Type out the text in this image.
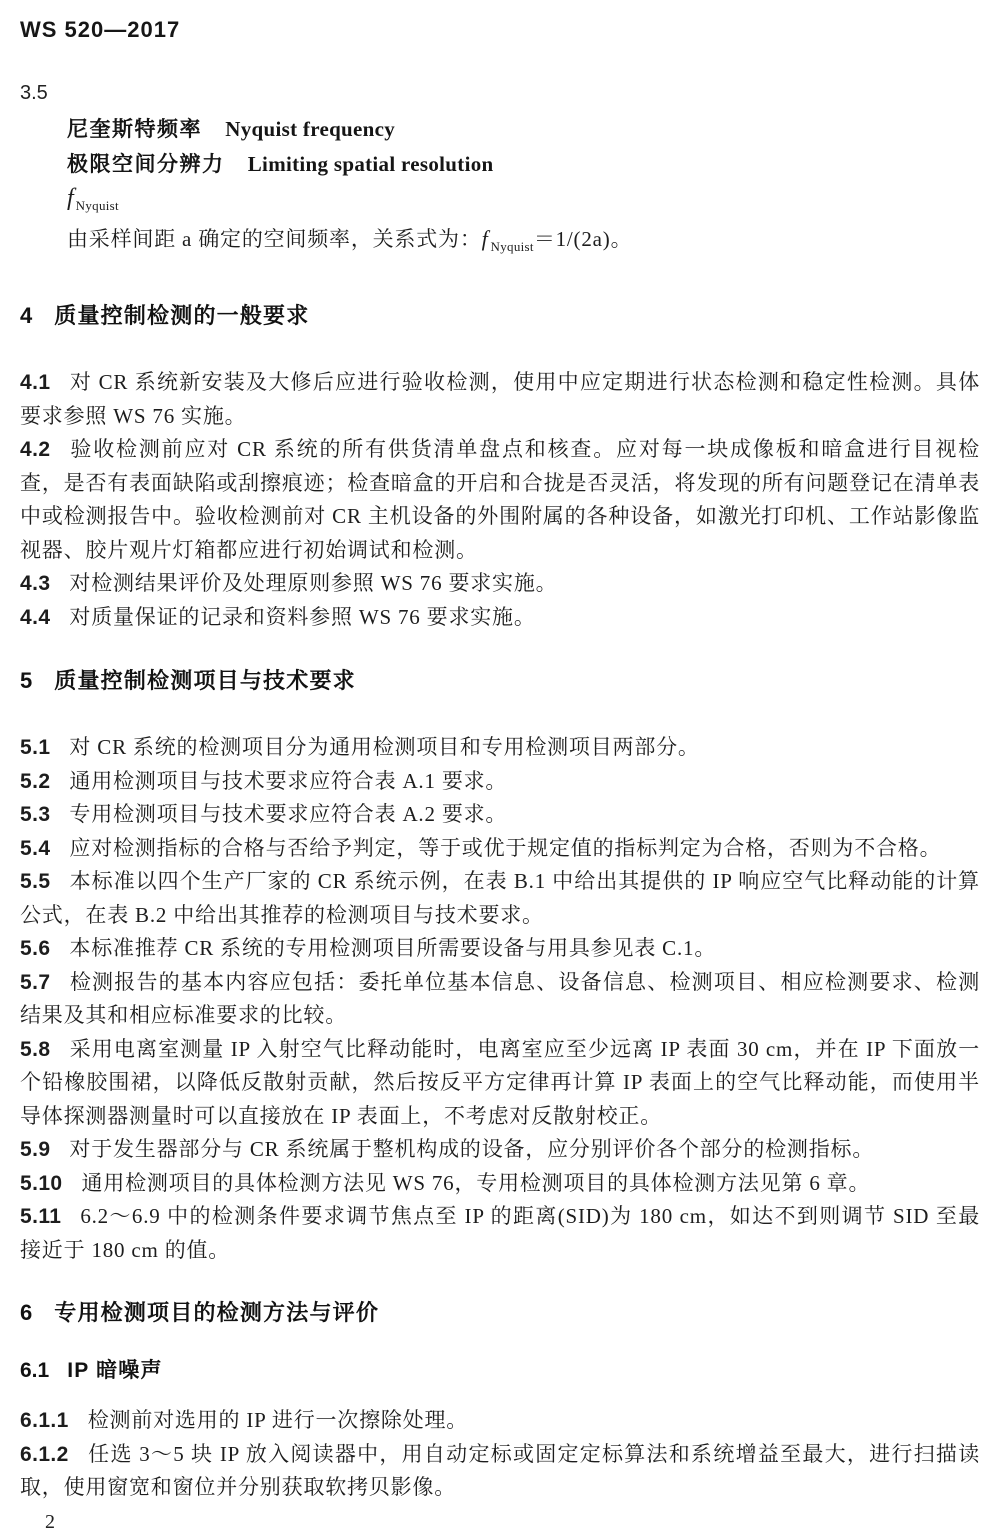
WS 520—2017
3.5
尼奎斯特频率 Nyquist frequency
极限空间分辨力 Limiting spatial resolution
f $_{Nyquist}$

由采样间距 a 确定的空间频率，关系式为：f $_{Nyquist}$＝1/(2a)。

4 质量控制检测的一般要求

4.1 对 CR 系统新安装及大修后应进行验收检测，使用中应定期进行状态检测和稳定性检测。具体要求参照 WS 76 实施。

4.2 验收检测前应对 CR 系统的所有供货清单盘点和核查。应对每一块成像板和暗盒进行目视检查，是否有表面缺陷或刮擦痕迹；检查暗盒的开启和合拢是否灵活，将发现的所有问题登记在清单表中或检测报告中。验收检测前对 CR 主机设备的外围附属的各种设备，如激光打印机、工作站影像监视器、胶片观片灯箱都应进行初始调试和检测。

4.3 对检测结果评价及处理原则参照 WS 76 要求实施。

4.4 对质量保证的记录和资料参照 WS 76 要求实施。

5 质量控制检测项目与技术要求

5.1 对 CR 系统的检测项目分为通用检测项目和专用检测项目两部分。

5.2 通用检测项目与技术要求应符合表 A.1 要求。

5.3 专用检测项目与技术要求应符合表 A.2 要求。

5.4 应对检测指标的合格与否给予判定，等于或优于规定值的指标判定为合格，否则为不合格。

5.5 本标准以四个生产厂家的 CR 系统示例，在表 B.1 中给出其提供的 IP 响应空气比释动能的计算公式，在表 B.2 中给出其推荐的检测项目与技术要求。

5.6 本标准推荐 CR 系统的专用检测项目所需要设备与用具参见表 C.1。

5.7 检测报告的基本内容应包括：委托单位基本信息、设备信息、检测项目、相应检测要求、检测结果及其和相应标准要求的比较。

5.8 采用电离室测量 IP 入射空气比释动能时，电离室应至少远离 IP 表面 30 cm，并在 IP 下面放一个铅橡胶围裙，以降低反散射贡献，然后按反平方定律再计算 IP 表面上的空气比释动能，而使用半导体探测器测量时可以直接放在 IP 表面上，不考虑对反散射校正。

5.9 对于发生器部分与 CR 系统属于整机构成的设备，应分别评价各个部分的检测指标。

5.10 通用检测项目的具体检测方法见 WS 76，专用检测项目的具体检测方法见第 6 章。

5.11 6.2～6.9 中的检测条件要求调节焦点至 IP 的距离(SID)为 180 cm，如达不到则调节 SID 至最接近于 180 cm 的值。

6 专用检测项目的检测方法与评价
6.1 IP 暗噪声

6.1.1 检测前对选用的 IP 进行一次擦除处理。

6.1.2 任选 3～5 块 IP 放入阅读器中，用自动定标或固定定标算法和系统增益至最大，进行扫描读取，使用窗宽和窗位并分别获取软拷贝影像。

2
